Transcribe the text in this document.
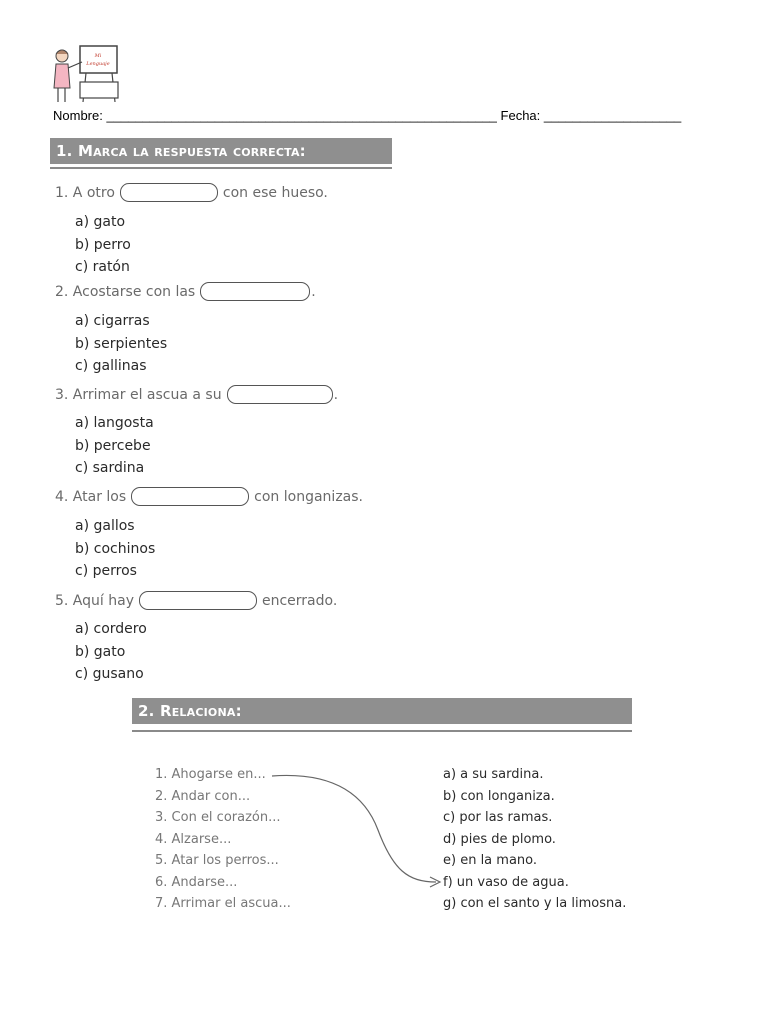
Mi
Lenguaje
Nombre: ______________________________________________________ Fecha: ___________________
1. Marca la respuesta correcta:
1. A otro	con ese hueso.
a) gato
b) perro
c) ratón
2. Acostarse con las	.
a) cigarras
b) serpientes
c) gallinas
3. Arrimar el ascua a su	.
a) langosta
b) percebe
c) sardina
4. Atar los	con longanizas.
a) gallos
b) cochinos
c) perros
5. Aquí hay	encerrado.
a) cordero
b) gato
c) gusano
2. Relaciona:
1. Ahogarse en...
2. Andar con...
3. Con el corazón...
4. Alzarse...
5. Atar los perros...
6. Andarse...
7. Arrimar el ascua...
a) a su sardina.
b) con longaniza.
c) por las ramas.
d) pies de plomo.
e) en la mano.
f) un vaso de agua.
g) con el santo y la limosna.
